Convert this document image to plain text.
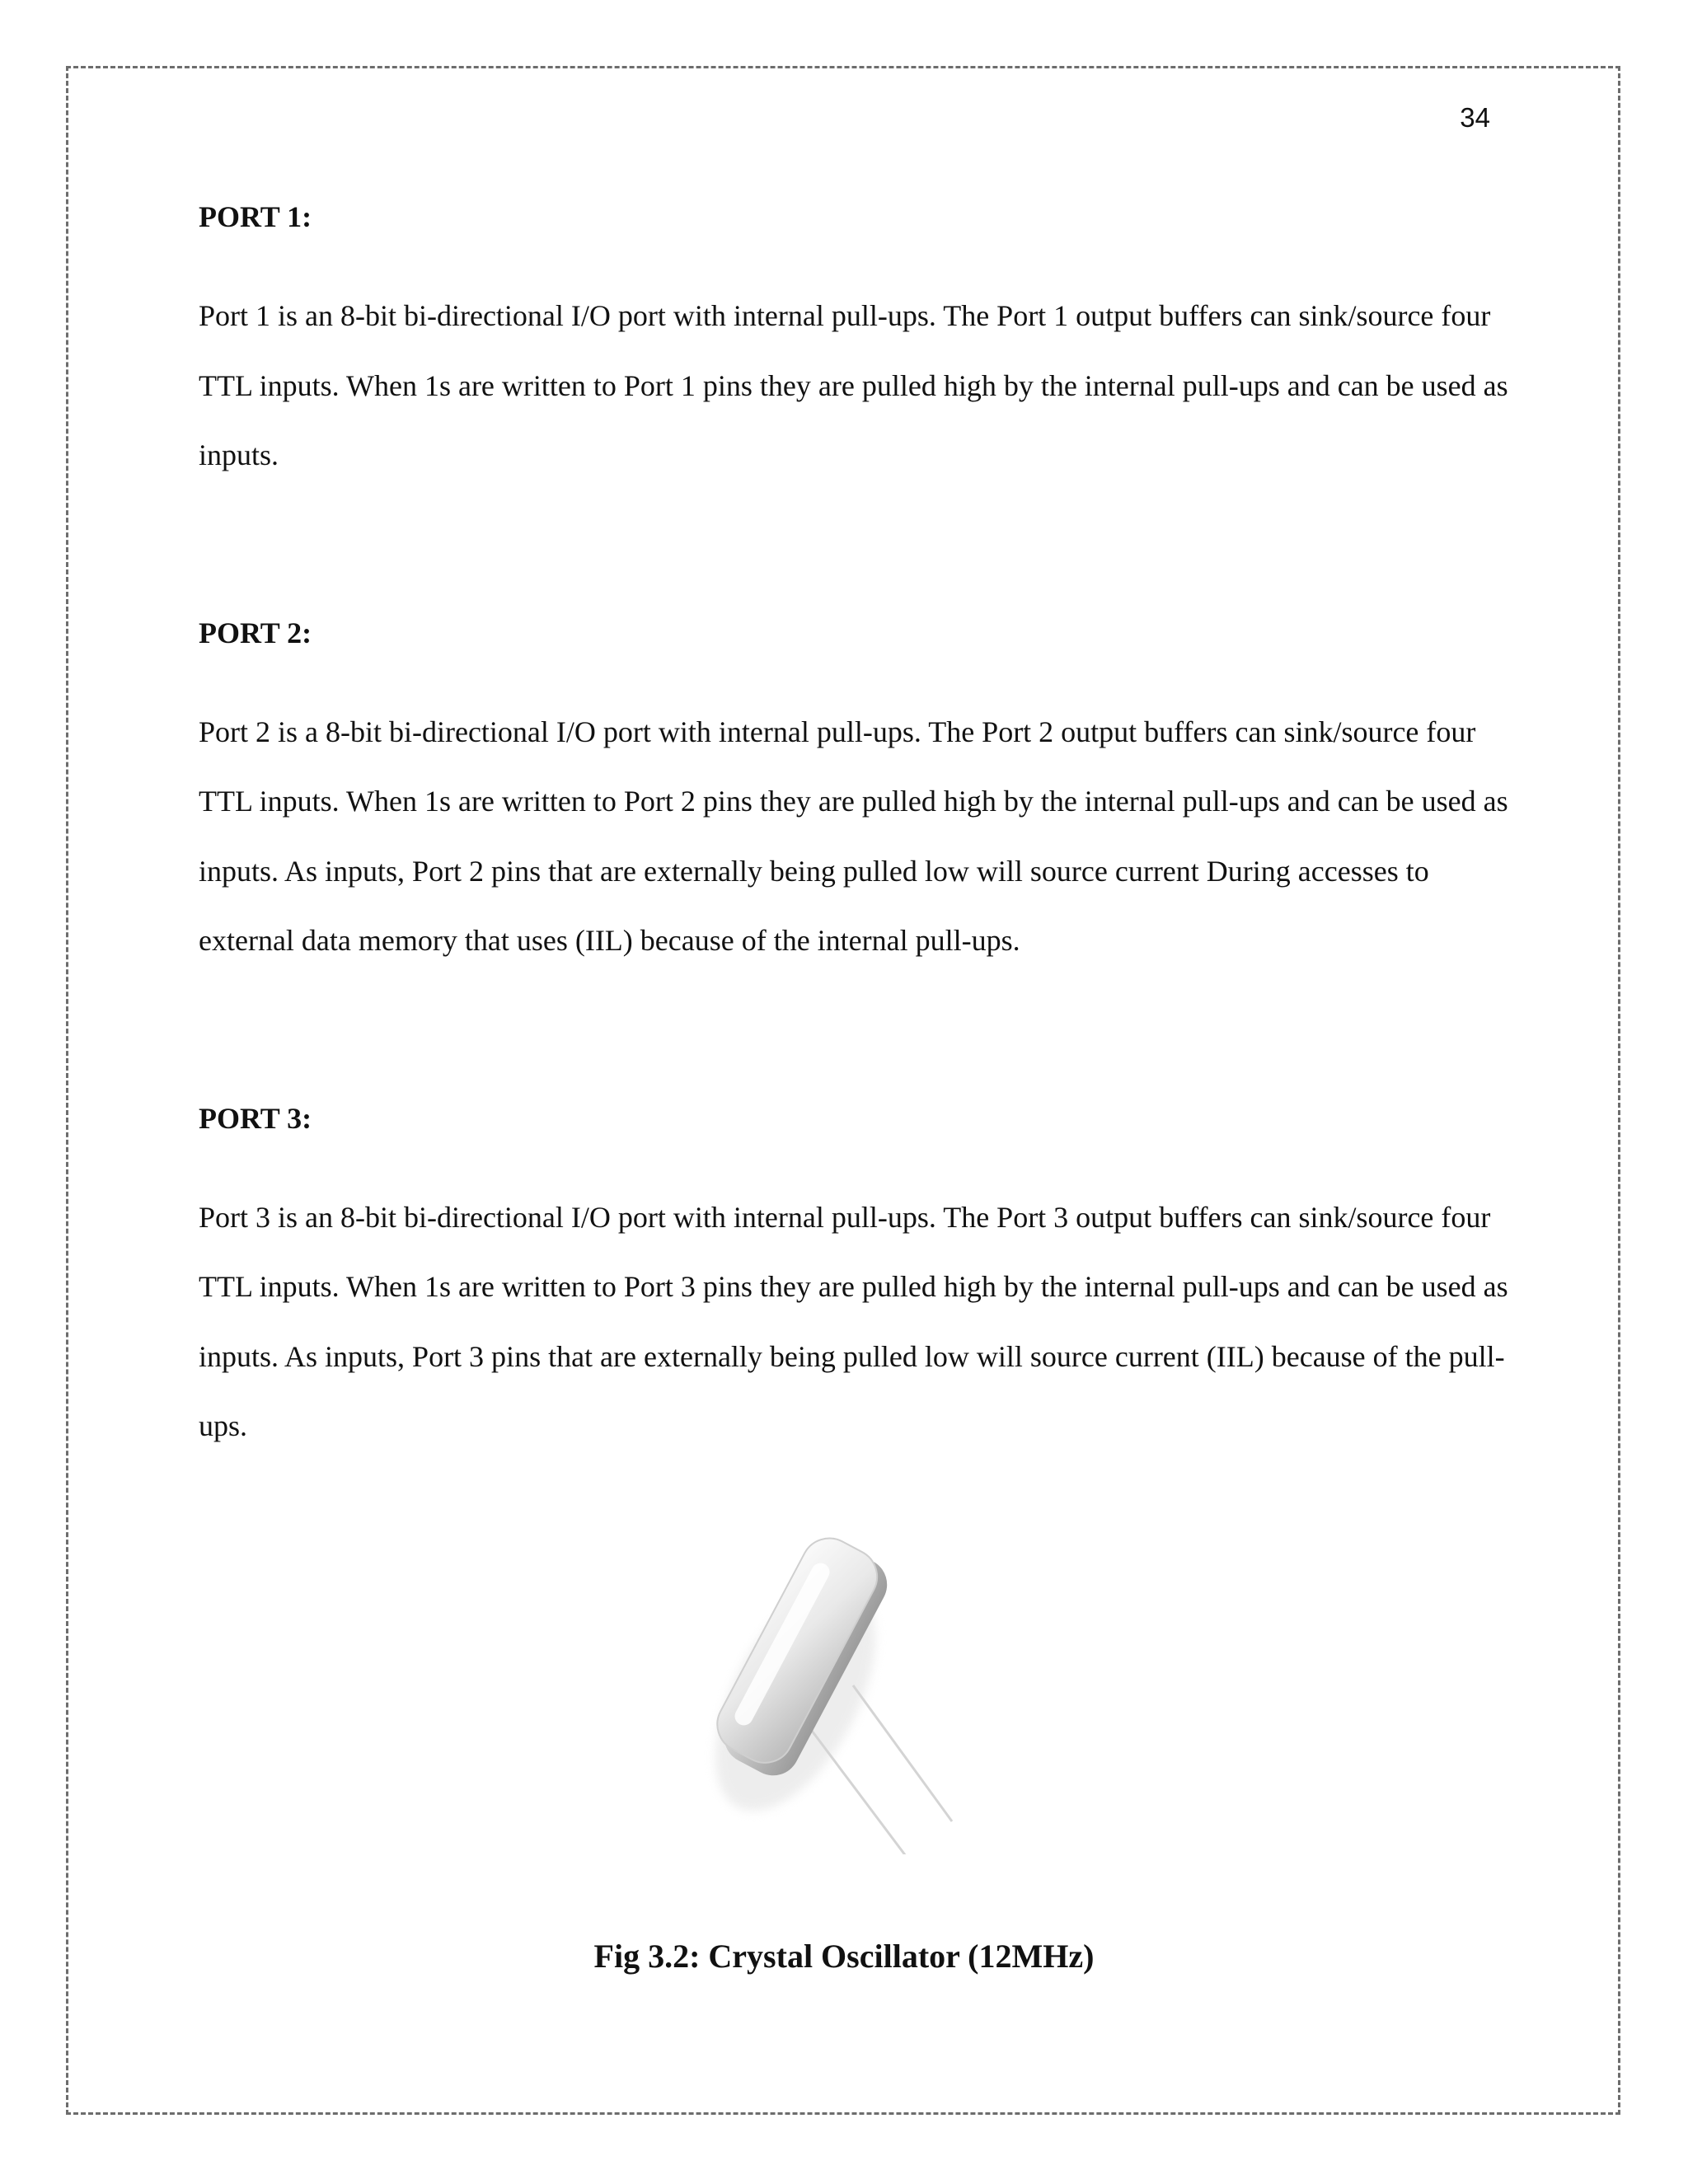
34

PORT 1:

Port 1 is an 8-bit bi-directional I/O port with internal pull-ups. The Port 1 output buffers can sink/source four TTL inputs. When 1s are written to Port 1 pins they are pulled high by the internal pull-ups and can be used as inputs.

PORT 2:

Port 2 is a 8-bit bi-directional I/O port with internal pull-ups. The Port 2 output buffers can sink/source four TTL inputs. When 1s are written to Port 2 pins they are pulled high by the internal pull-ups and can be used as inputs. As inputs, Port 2 pins that are externally being pulled low will source current During accesses to external data memory that uses (IIL) because of the internal pull-ups.

PORT 3:

Port 3 is an 8-bit bi-directional I/O port with internal pull-ups. The Port 3 output buffers can sink/source four TTL inputs. When 1s are written to Port 3 pins they are pulled high by the internal pull-ups and can be used as inputs. As inputs, Port 3 pins that are externally being pulled low will source current (IIL) because of the pull-ups.

Fig 3.2: Crystal Oscillator (12MHz)
